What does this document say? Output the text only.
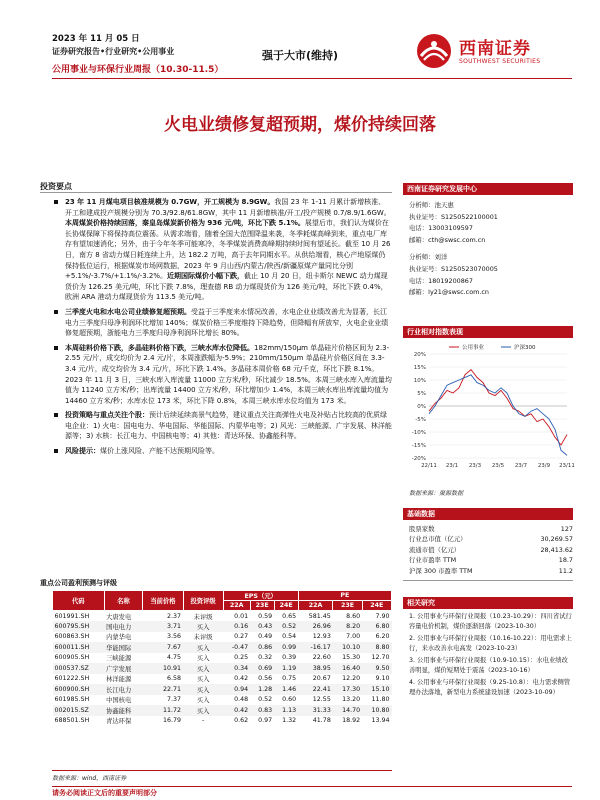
2023 年 11 月 05 日
证券研究报告•行业研究•公用事业
公用事业与环保行业周报（10.30-11.5）
强于大市(维持)	西南证券
SOUTHWEST SECURITIES
火电业绩修复超预期，煤价持续回落
投资要点
23 年 11 月煤电项目核准规模为 0.7GW，开工规模为 8.9GW。我国 23 年 1-11 月累计新增核准、开工和建成投产规模分别为 70.3/92.8/61.8GW，其中 11 月新增核准/开工/投产规模 0.7/8.9/1.6GW。本周煤炭价格持续回落，秦皇岛煤炭新价格为 936 元/吨，环比下跌 5.1%。展望后市，我们认为煤价在长协煤保障下将保持高位震荡。从需求端看，随着全国大范围降温来袭，冬季耗煤高峰到来，重点电厂库存有望加速消化；另外，由于今年冬季可能寒冷，冬季煤炭消费高峰期持续时间有望延长。截至 10 月 26 日，南方 8 省动力煤日耗连续上升，达 182.2 万吨，高于去年同期水平。从供给端看，核心产地原煤仍保持低位运行，根据煤炭市场网数据，2023 年 9 月山西/内蒙古/陕西/新疆原煤产量同比分别+5.1%/-3.7%/+1.1%/-3.2%。近期国际煤价小幅下跌，截止 10 月 20 日，纽卡斯尔 NEWC 动力煤现货价为 126.25 美元/吨，环比下跌 7.8%，理查德 RB 动力煤现货价为 126 美元/吨，环比下跌 0.4%，欧洲 ARA 港动力煤现货价为 113.5 美元/吨。
三季度火电和水电公司业绩修复超预期。受益于三季度来水情况改善，水电企业业绩改善尤为显著，长江电力三季度归母净利润环比增加 140%；煤炭价格三季度维持下降趋势，但降幅有所放窄，火电企业业绩修复超预期，浙能电力三季度归母净利润环比增长 80%。
本周硅料价格下跌，多晶硅料价格下跌，三峡水库水位降低。182mm/150μm 单晶硅片价格区间为 2.3-2.55 元/片，成交均价为 2.4 元/片，本周涨跌幅为-5.9%；210mm/150μm 单晶硅片价格区间在 3.3-3.4 元/片，成交均价为 3.4 元/片，环比下跌 1.4%。多晶硅本周价格 68 元/千克，环比下跌 8.1%。2023 年 11 月 3 日，三峡水库入库流量 11000 立方米/秒，环比减少 18.5%。本周三峡水库入库流量均值为 11240 立方米/秒；出库流量 14400 立方米/秒，环比增加少 1.4%，本周三峡水库出库流量均值为 14460 立方米/秒；水库水位 173 米，环比下降 0.8%，本周三峡水库水位均值为 173 米。
投资策略与重点关注个股：预计后续延续高景气趋势，建议重点关注高弹性火电及补贴占比较高的优质绿电企业：1) 火电：国电电力、华电国际、华能国际、内蒙华电等；2) 风光：三峡能源、广宇发展、林洋能源等；3) 水核：长江电力、中国核电等；4) 其他：青达环保、协鑫能科等。
风险提示：煤价上涨风险、产能不达预期风险等。
重点公司盈利预测与评级
代码	名称	当前价格	投资评级	EPS（元）			PE		
				22A	23E	24E	22A	23E	24E
601991.SH	大唐发电	2.37	未评级	0.01	0.59	0.65	581.45	8.60	7.90
600795.SH	国电电力	3.71	买入	0.16	0.43	0.52	26.96	8.20	6.80
600863.SH	内蒙华电	3.56	未评级	0.27	0.49	0.54	12.93	7.00	6.20
600011.SH	华能国际	7.67	买入	-0.47	0.86	0.99	-16.17	10.10	8.80
600905.SH	三峡能源	4.75	买入	0.25	0.32	0.39	22.60	15.30	12.70
000537.SZ	广宇发展	10.91	买入	0.34	0.69	1.19	38.95	16.40	9.50
601222.SH	林洋能源	6.58	买入	0.42	0.56	0.75	20.67	12.20	9.10
600900.SH	长江电力	22.71	买入	0.94	1.28	1.46	22.41	17.30	15.10
601985.SH	中国核电	7.37	买入	0.48	0.52	0.60	12.55	13.20	11.80
002015.SZ	协鑫能科	11.72	买入	0.42	0.83	1.13	31.33	14.70	10.80
688501.SH	青达环保	16.79	-	0.62	0.97	1.32	41.78	18.92	13.94
数据来源：wind，西南证券
西南证券研究发展中心
分析师：池天惠
执业证号：S1250522100001
电话：13003109597
邮箱：cth@swsc.com.cn
分析师：刘洋
执业证号：S1250523070005
电话：18019200867
邮箱：ly21@swsc.com.cn
行业相对指数表现
20%
15%
10%
5%
0%
-5%
-10%
-15%
-20%
22/11 23/1 23/3 23/5 23/7 23/9 23/11
公用事业	沪深300
数据来源：聚源数据
基础数据
股票家数	127
行业总市值（亿元）	30,269.57
流通市值（亿元）	28,413.62
行业市盈率 TTM	18.7
沪深 300 市盈率 TTM	11.2
相关研究
1. 公用事业与环保行业周报（10.23-10.29）：四川省试行容量电价机制，煤价逐渐回落（2023-10-30）
2. 公用事业与环保行业周报（10.16-10.22）：用电需求上行，来水改善水电高发（2023-10-23）
3. 公用事业与环保行业周报（10.9-10.15）：水电业绩改善明显，煤价短期处于震荡（2023-10-16）
4. 公用事业与环保行业周报（9.25-10.8）：电力需求侧管理办法落地，新型电力系统建设加速（2023-10-09）
请务必阅读正文后的重要声明部分
